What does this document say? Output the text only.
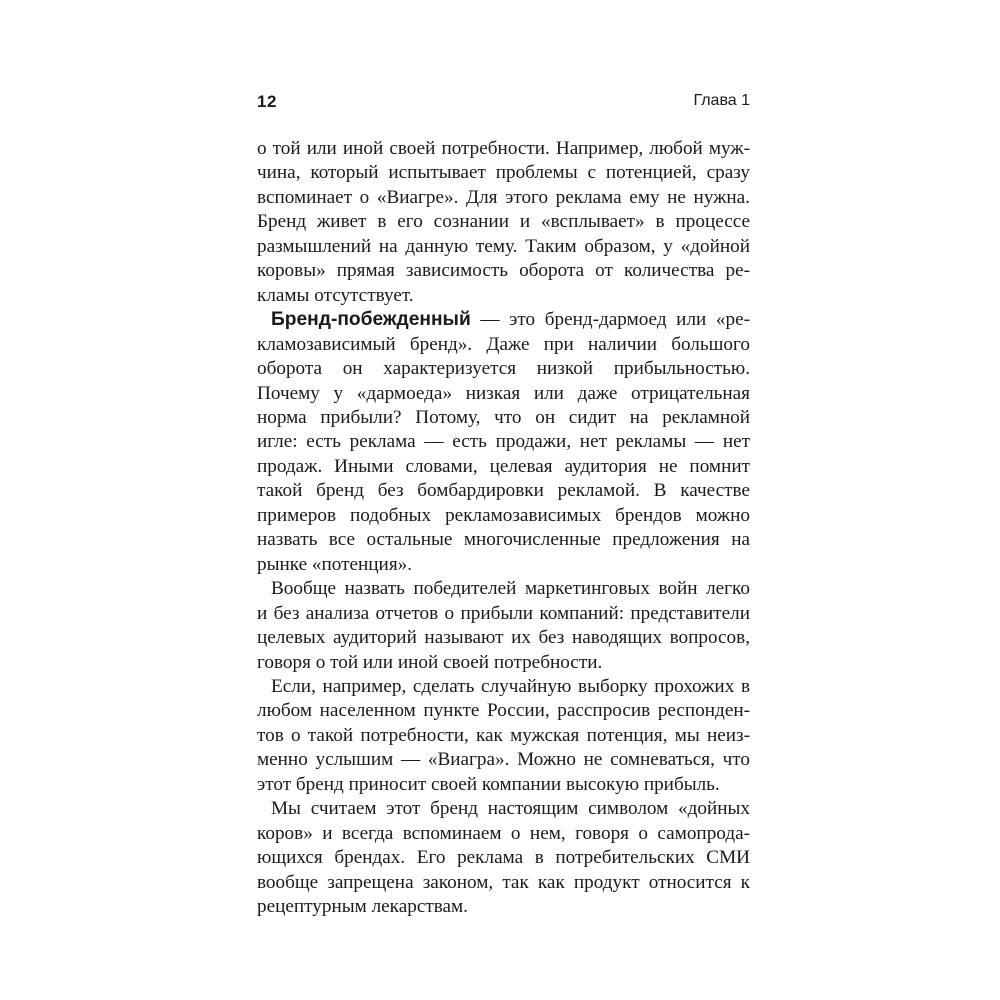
12	Глава 1

о той или иной своей потребности. Например, любой муж-
чина, который испытывает проблемы с потенцией, сразу
вспоминает о «Виагре». Для этого реклама ему не нужна.
Бренд живет в его сознании и «всплывает» в процессе
размышлений на данную тему. Таким образом, у «дойной
коровы» прямая зависимость оборота от количества ре-
кламы отсутствует.

Бренд-побежденный — это бренд-дармоед или «ре-
кламозависимый бренд». Даже при наличии большого
оборота он характеризуется низкой прибыльностью.
Почему у «дармоеда» низкая или даже отрицательная
норма прибыли? Потому, что он сидит на рекламной
игле: есть реклама — есть продажи, нет рекламы — нет
продаж. Иными словами, целевая аудитория не помнит
такой бренд без бомбардировки рекламой. В качестве
примеров подобных рекламозависимых брендов можно
назвать все остальные многочисленные предложения на
рынке «потенция».

Вообще назвать победителей маркетинговых войн легко
и без анализа отчетов о прибыли компаний: представители
целевых аудиторий называют их без наводящих вопросов,
говоря о той или иной своей потребности.

Если, например, сделать случайную выборку прохожих в
любом населенном пункте России, расспросив респонден-
тов о такой потребности, как мужская потенция, мы неиз-
менно услышим — «Виагра». Можно не сомневаться, что
этот бренд приносит своей компании высокую прибыль.

Мы считаем этот бренд настоящим символом «дойных
коров» и всегда вспоминаем о нем, говоря о самопрода-
ющихся брендах. Его реклама в потребительских СМИ
вообще запрещена законом, так как продукт относится к
рецептурным лекарствам.
